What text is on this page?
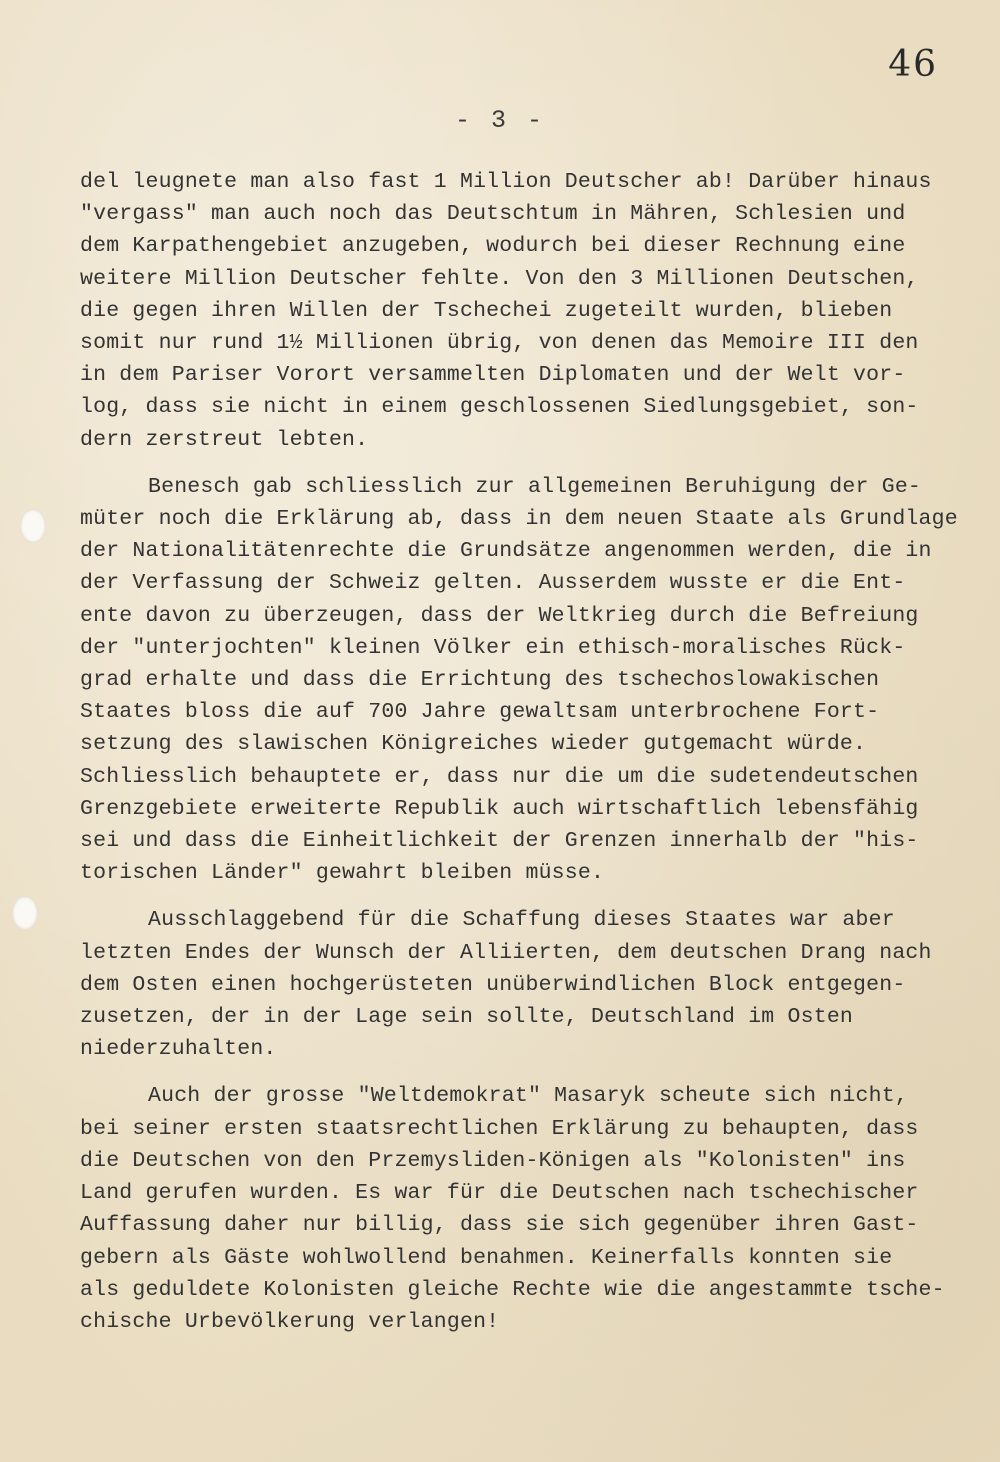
46
- 3 -

del leugnete man also fast 1 Million Deutscher ab! Darüber hinaus
"vergass" man auch noch das Deutschtum in Mähren, Schlesien und
dem Karpathengebiet anzugeben, wodurch bei dieser Rechnung eine
weitere Million Deutscher fehlte. Von den 3 Millionen Deutschen,
die gegen ihren Willen der Tschechei zugeteilt wurden, blieben
somit nur rund 1½ Millionen übrig, von denen das Memoire III den
in dem Pariser Vorort versammelten Diplomaten und der Welt vor-
log, dass sie nicht in einem geschlossenen Siedlungsgebiet, son-
dern zerstreut lebten.

Benesch gab schliesslich zur allgemeinen Beruhigung der Ge-
müter noch die Erklärung ab, dass in dem neuen Staate als Grundlage
der Nationalitätenrechte die Grundsätze angenommen werden, die in
der Verfassung der Schweiz gelten. Ausserdem wusste er die Ent-
ente davon zu überzeugen, dass der Weltkrieg durch die Befreiung
der "unterjochten" kleinen Völker ein ethisch-moralisches Rück-
grad erhalte und dass die Errichtung des tschechoslowakischen
Staates bloss die auf 700 Jahre gewaltsam unterbrochene Fort-
setzung des slawischen Königreiches wieder gutgemacht würde.
Schliesslich behauptete er, dass nur die um die sudetendeutschen
Grenzgebiete erweiterte Republik auch wirtschaftlich lebensfähig
sei und dass die Einheitlichkeit der Grenzen innerhalb der "his-
torischen Länder" gewahrt bleiben müsse.

Ausschlaggebend für die Schaffung dieses Staates war aber
letzten Endes der Wunsch der Alliierten, dem deutschen Drang nach
dem Osten einen hochgerüsteten unüberwindlichen Block entgegen-
zusetzen, der in der Lage sein sollte, Deutschland im Osten
niederzuhalten.

Auch der grosse "Weltdemokrat" Masaryk scheute sich nicht,
bei seiner ersten staatsrechtlichen Erklärung zu behaupten, dass
die Deutschen von den Przemysliden-Königen als "Kolonisten" ins
Land gerufen wurden. Es war für die Deutschen nach tschechischer
Auffassung daher nur billig, dass sie sich gegenüber ihren Gast-
gebern als Gäste wohlwollend benahmen. Keinerfalls konnten sie
als geduldete Kolonisten gleiche Rechte wie die angestammte tsche-
chische Urbevölkerung verlangen!
